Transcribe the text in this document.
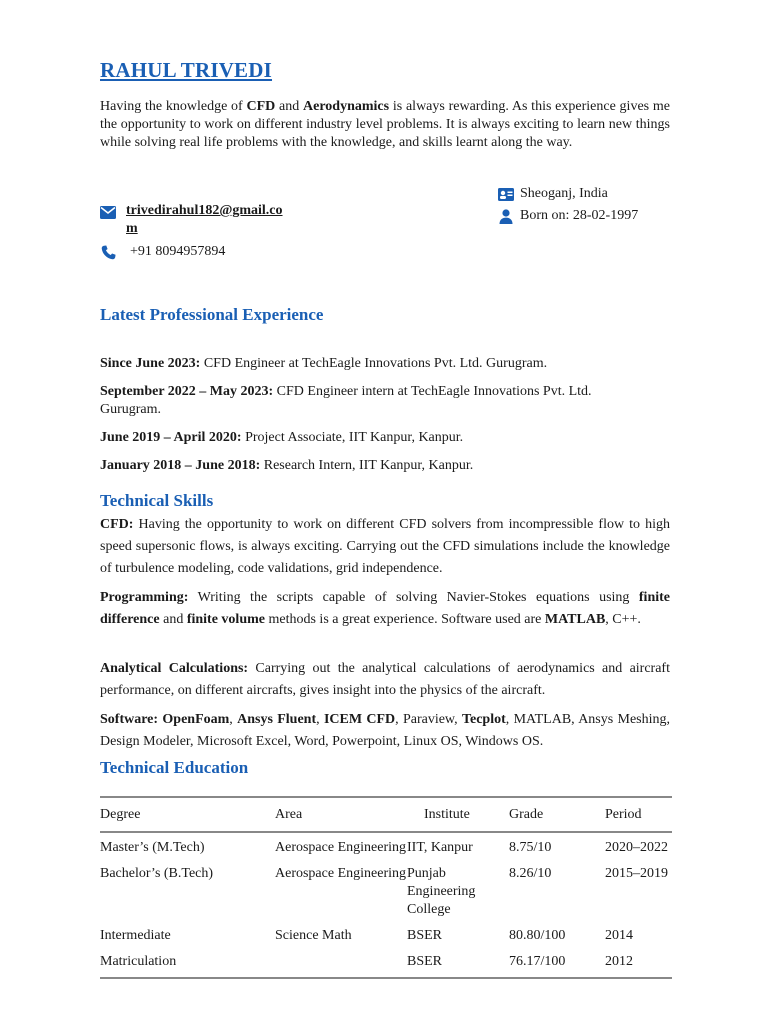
RAHUL TRIVEDI

Having the knowledge of CFD and Aerodynamics is always rewarding. As this experience gives me the opportunity to work on different industry level problems. It is always exciting to learn new things while solving real life problems with the knowledge, and skills learnt along the way.

trivedirahul182@gmail.com
+91 8094957894
Sheoganj, India
Born on: 28-02-1997
Latest Professional Experience

Since June 2023: CFD Engineer at TechEagle Innovations Pvt. Ltd. Gurugram.

September 2022 – May 2023: CFD Engineer intern at TechEagle Innovations Pvt. Ltd. Gurugram.

June 2019 – April 2020: Project Associate, IIT Kanpur, Kanpur.

January 2018 – June 2018: Research Intern, IIT Kanpur, Kanpur.

Technical Skills

CFD: Having the opportunity to work on different CFD solvers from incompressible flow to high speed supersonic flows, is always exciting. Carrying out the CFD simulations include the knowledge of turbulence modeling, code validations, grid independence.

Programming: Writing the scripts capable of solving Navier-Stokes equations using finite difference and finite volume methods is a great experience. Software used are MATLAB, C++.

Analytical Calculations: Carrying out the analytical calculations of aerodynamics and aircraft performance, on different aircrafts, gives insight into the physics of the aircraft.

Software: OpenFoam, Ansys Fluent, ICEM CFD, Paraview, Tecplot, MATLAB, Ansys Meshing, Design Modeler, Microsoft Excel, Word, Powerpoint, Linux OS, Windows OS.

Technical Education
Degree	Area	Institute	Grade	Period
Master’s (M.Tech)	Aerospace Engineering	IIT, Kanpur	8.75/10	2020–2022
Bachelor’s (B.Tech)	Aerospace Engineering	Punjab Engineering College	8.26/10	2015–2019
Intermediate	Science Math	BSER	80.80/100	2014
Matriculation		BSER	76.17/100	2012
